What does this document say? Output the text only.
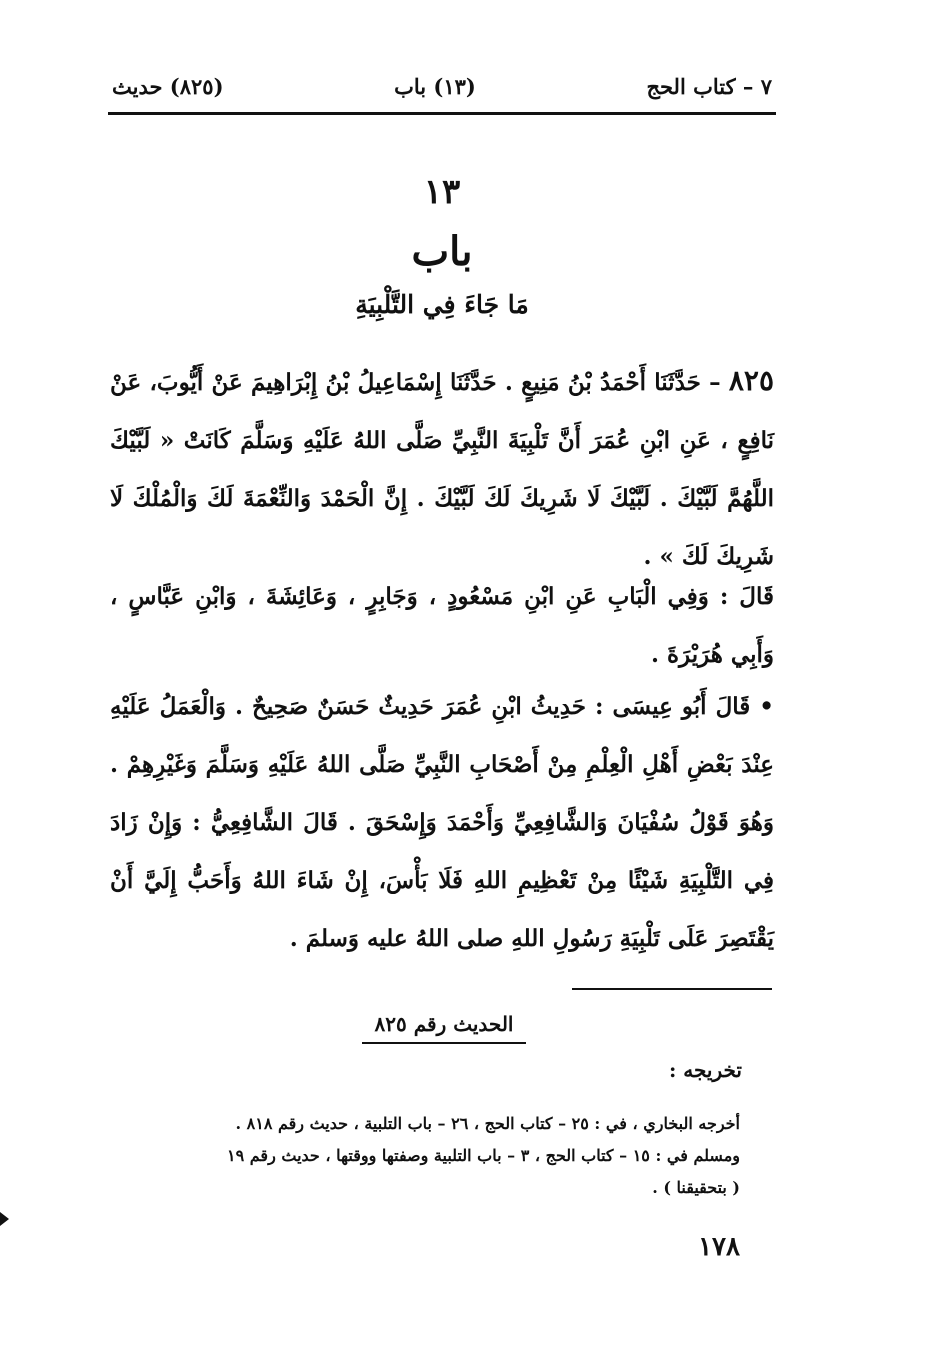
٧ – كتاب الحج
(١٣) باب
(٨٢٥) حديث
١٣
باب
مَا جَاءَ فِي التَّلْبِيَةِ
٨٢٥ – حَدَّثَنَا أَحْمَدُ بْنُ مَنِيعٍ . حَدَّثَنَا إِسْمَاعِيلُ بْنُ إِبْرَاهِيمَ عَنْ أَيُّوبَ، عَنْ نَافِعٍ ، عَنِ ابْنِ عُمَرَ أَنَّ تَلْبِيَةَ النَّبِيِّ صَلَّى اللهُ عَلَيْهِ وَسَلَّمَ كَانَتْ « لَبَّيْكَ اللَّهُمَّ لَبَّيْكَ . لَبَّيْكَ لَا شَرِيكَ لَكَ لَبَّيْكَ . إِنَّ الْحَمْدَ وَالنِّعْمَةَ لَكَ وَالْمُلْكَ لَا شَرِيكَ لَكَ » .
قَالَ : وَفِي الْبَابِ عَنِ ابْنِ مَسْعُودٍ ، وَجَابِرٍ ، وَعَائِشَةَ ، وَابْنِ عَبَّاسٍ ، وَأَبِي هُرَيْرَةَ .
• قَالَ أَبُو عِيسَى : حَدِيثُ ابْنِ عُمَرَ حَدِيثٌ حَسَنٌ صَحِيحٌ . وَالْعَمَلُ عَلَيْهِ عِنْدَ بَعْضِ أَهْلِ الْعِلْمِ مِنْ أَصْحَابِ النَّبِيِّ صَلَّى اللهُ عَلَيْهِ وَسَلَّمَ وَغَيْرِهِمْ . وَهُوَ قَوْلُ سُفْيَانَ وَالشَّافِعِيِّ وَأَحْمَدَ وَإِسْحَقَ . قَالَ الشَّافِعِيُّ : وَإِنْ زَادَ فِي التَّلْبِيَةِ شَيْئًا مِنْ تَعْظِيمِ اللهِ فَلَا بَأْسَ، إِنْ شَاءَ اللهُ وَأَحَبُّ إِلَيَّ أَنْ يَقْتَصِرَ عَلَى تَلْبِيَةِ رَسُولِ اللهِ صلى اللهُ عليه وَسلمَ .
الحديث رقم ٨٢٥
تخريجه :
أخرجه البخاري ، في : ٢٥ – كتاب الحج ، ٢٦ – باب التلبية ، حديث رقم ٨١٨ .
ومسلم في : ١٥ – كتاب الحج ، ٣ – باب التلبية وصفتها ووقتها ، حديث رقم ١٩
( بتحقيقنا ) .
١٧٨
